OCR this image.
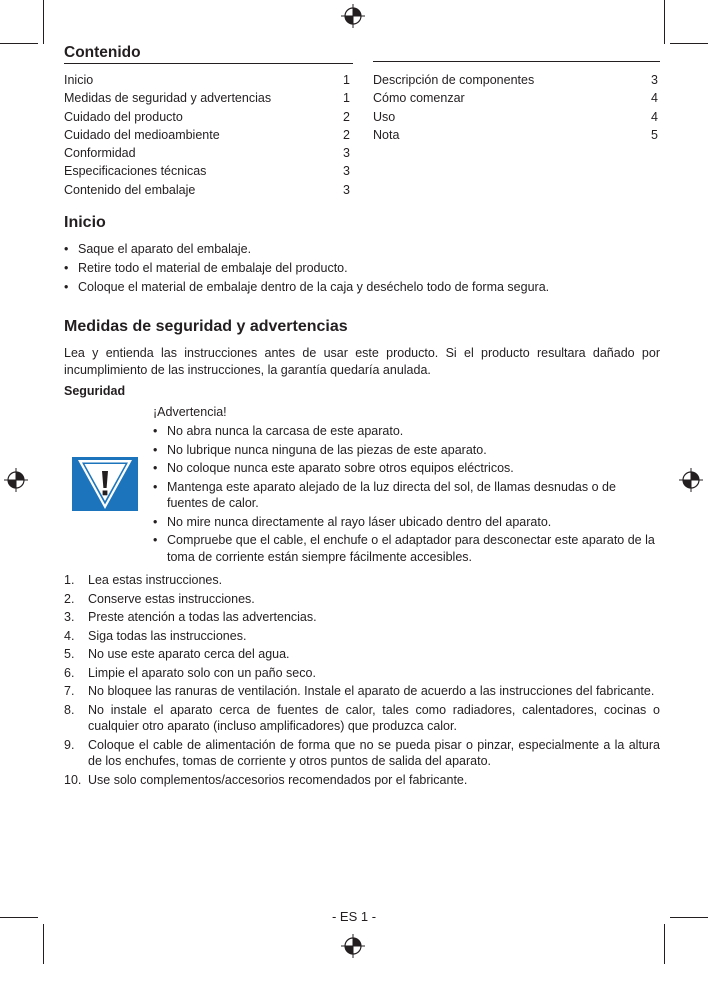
Contenido
Inicio	1
Medidas de seguridad y advertencias	1
Cuidado del producto	2
Cuidado del medioambiente	2
Conformidad	3
Especificaciones técnicas	3
Contenido del embalaje	3
Descripción de componentes	3
Cómo comenzar	4
Uso	4
Nota	5
Inicio
• Saque el aparato del embalaje.
• Retire todo el material de embalaje del producto.
• Coloque el material de embalaje dentro de la caja y deséchelo todo de forma segura.
Medidas de seguridad y advertencias

Lea y entienda las instrucciones antes de usar este producto. Si el producto resultara dañado por incumplimiento de las instrucciones, la garantía quedaría anulada.

Seguridad
¡Advertencia!
• No abra nunca la carcasa de este aparato.
• No lubrique nunca ninguna de las piezas de este aparato.
• No coloque nunca este aparato sobre otros equipos eléctricos.
• Mantenga este aparato alejado de la luz directa del sol, de llamas desnudas o de fuentes de calor.
• No mire nunca directamente al rayo láser ubicado dentro del aparato.
• Compruebe que el cable, el enchufe o el adaptador para desconectar este aparato de la toma de corriente están siempre fácilmente accesibles.
1. Lea estas instrucciones.
2. Conserve estas instrucciones.
3. Preste atención a todas las advertencias.
4. Siga todas las instrucciones.
5. No use este aparato cerca del agua.
6. Limpie el aparato solo con un paño seco.
7. No bloquee las ranuras de ventilación. Instale el aparato de acuerdo a las instrucciones del fabricante.
8. No instale el aparato cerca de fuentes de calor, tales como radiadores, calentadores, cocinas o cualquier otro aparato (incluso amplificadores) que produzca calor.
9. Coloque el cable de alimentación de forma que no se pueda pisar o pinzar, especialmente a la altura de los enchufes, tomas de corriente y otros puntos de salida del aparato.
10. Use solo complementos/accesorios recomendados por el fabricante.
- ES 1 -
